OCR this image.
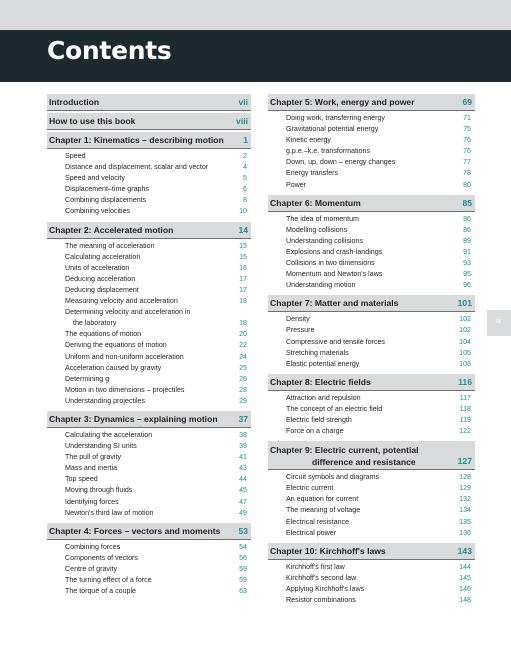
Contents
Introduction	vii
How to use this book	viii
Chapter 1: Kinematics – describing motion 1
Speed	2
Distance and displacement, scalar and vector	4
Speed and velocity	5
Displacement–time graphs	6
Combining displacements	8
Combining velocities	10
Chapter 2: Accelerated motion	14
The meaning of acceleration	15
Calculating acceleration	15
Units of acceleration	16
Deducing acceleration	17
Deducing displacement	17
Measuring velocity and acceleration	18
Determining velocity and acceleration in
the laboratory	18
The equations of motion	20
Deriving the equations of motion	22
Uniform and non-uniform acceleration	24
Acceleration caused by gravity	25
Determining g	26
Motion in two dimensions – projectiles	28
Understanding projectiles	29
Chapter 3: Dynamics – explaining motion 37
Calculating the acceleration	38
Understanding SI units	39
The pull of gravity	41
Mass and inertia	43
Top speed	44
Moving through fluids	45
Identifying forces	47
Newton's third law of motion	49
Chapter 4: Forces – vectors and moments 53
Combining forces	54
Components of vectors	56
Centre of gravity	59
The turning effect of a force	59
The torque of a couple	63
Chapter 5: Work, energy and power	69
Doing work, transferring energy	71
Gravitational potential energy	75
Kinetic energy	76
g.p.e.–k.e. transformations	76
Down, up, down – energy changes	77
Energy transfers	78
Power	80
Chapter 6: Momentum	85
The idea of momentum	86
Modelling collisions	86
Understanding collisions	89
Explosions and crash-landings	91
Collisions in two dimensions	93
Momentum and Newton's laws	95
Understanding motion	96
Chapter 7: Matter and materials	101
Density	102
Pressure	102
Compressive and tensile forces	104
Stretching materials	105
Elastic potential energy	108
Chapter 8: Electric fields	116
Attraction and repulsion	117
The concept of an electric field	118
Electric field strength	119
Force on a charge	122
Chapter 9: Electric current, potential
difference and resistance	127
Circuit symbols and diagrams	128
Electric current	129
An equation for current	132
The meaning of voltage	134
Electrical resistance	135
Electrical power	136
Chapter 10: Kirchhoff's laws	143
Kirchhoff's first law	144
Kirchhoff's second law	145
Applying Kirchhoff's laws	146
Resistor combinations	148
iii
